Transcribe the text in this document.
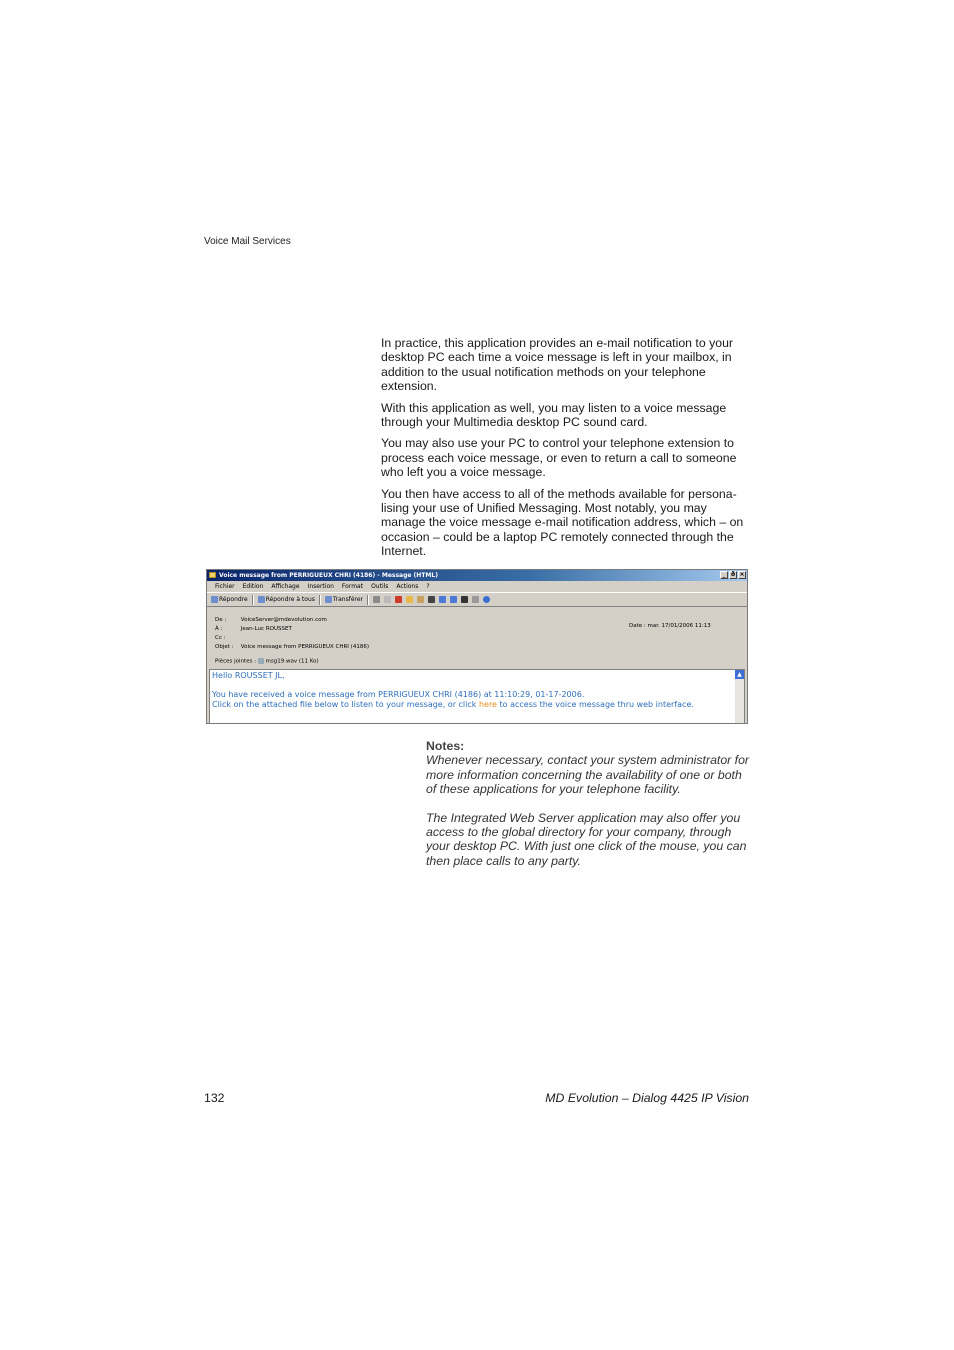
Voice Mail Services

In practice, this application provides an e-mail notification to your desktop PC each time a voice message is left in your mailbox, in addition to the usual notification methods on your telephone extension.

With this application as well, you may listen to a voice message through your Multimedia desktop PC sound card.

You may also use your PC to control your telephone extension to process each voice message, or even to return a call to someone who left you a voice message.

You then have access to all of the methods available for persona-lising your use of Unified Messaging. Most notably, you may manage the voice message e-mail notification address, which – on occasion – could be a laptop PC remotely connected through the Internet.

Voice message from PERRIGUEUX CHRI (4186) - Message (HTML)	_ ð ×
Fichier Edition Affichage Insertion Format Outils Actions ?
Répondre	Répondre à tous	Transférer
De :	VoiceServer@mdevolution.com
À :	Jean-Luc ROUSSET
Cc :
Objet : Voice message from PERRIGUEUX CHRI (4186)
Pièces jointes : msg19.wav (11 Ko)
Date : mar. 17/01/2006 11:13

Hello ROUSSET JL,

You have received a voice message from PERRIGUEUX CHRI (4186) at 11:10:29, 01-17-2006.

Click on the attached file below to listen to your message, or click here to access the voice message thru web interface.

▲
Notes:

Whenever necessary, contact your system administrator for more information concerning the availability of one or both of these applications for your telephone facility.

The Integrated Web Server application may also offer you access to the global directory for your company, through your desktop PC. With just one click of the mouse, you can then place calls to any party.

132	MD Evolution – Dialog 4425 IP Vision
